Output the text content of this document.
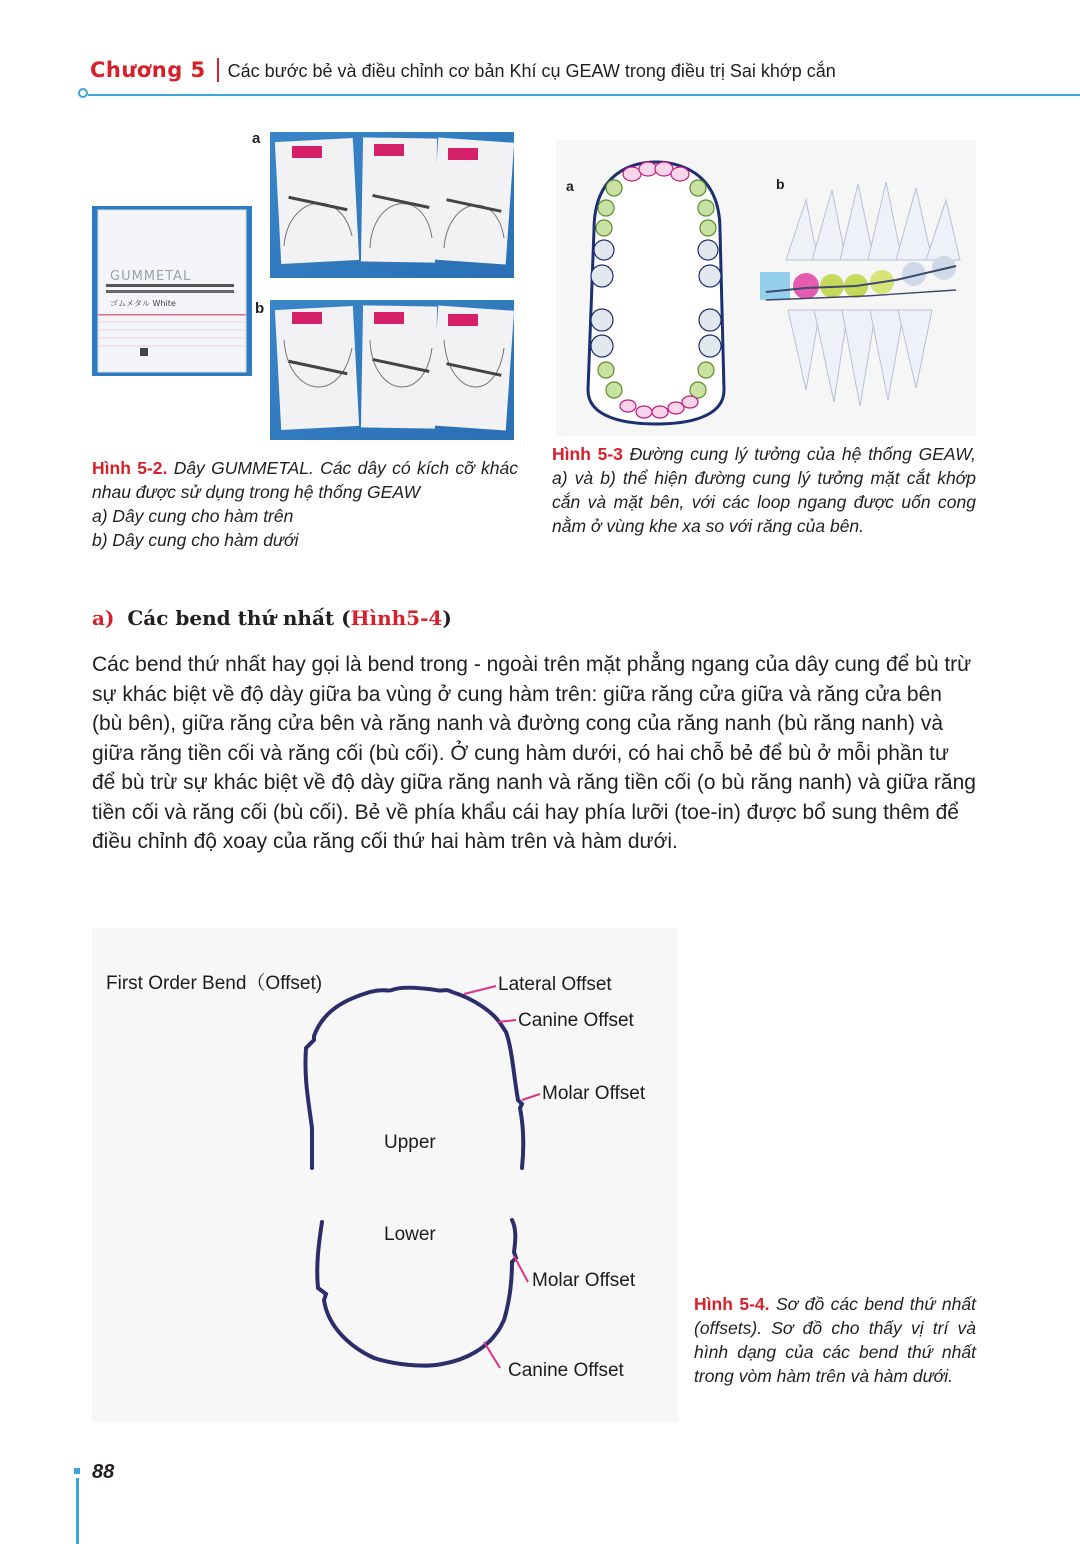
Chương 5 Các bước bẻ và điều chỉnh cơ bản Khí cụ GEAW trong điều trị Sai khớp cắn
GUMMETAL
ゴムメタル White
a
b
Hình 5-2. Dây GUMMETAL. Các dây có kích cỡ khác nhau được sử dụng trong hệ thống GEAW
a) Dây cung cho hàm trên
b) Dây cung cho hàm dưới
a	b
Hình 5-3 Đường cung lý tưởng của hệ thống GEAW, a) và b) thể hiện đường cung lý tưởng mặt cắt khớp cắn và mặt bên, với các loop ngang được uốn cong nằm ở vùng khe xa so với răng của bên.
a) Các bend thứ nhất (Hình5-4)
Các bend thứ nhất hay gọi là bend trong - ngoài trên mặt phẳng ngang của dây cung để bù trừ sự khác biệt về độ dày giữa ba vùng ở cung hàm trên: giữa răng cửa giữa và răng cửa bên (bù bên), giữa răng cửa bên và răng nanh và đường cong của răng nanh (bù răng nanh) và giữa răng tiền cối và răng cối (bù cối). Ở cung hàm dưới, có hai chỗ bẻ để bù ở mỗi phần tư để bù trừ sự khác biệt về độ dày giữa răng nanh và răng tiền cối (o bù răng nanh) và giữa răng tiền cối và răng cối (bù cối). Bẻ về phía khẩu cái hay phía lưỡi (toe-in) được bổ sung thêm để điều chỉnh độ xoay của răng cối thứ hai hàm trên và hàm dưới.
First Order Bend（Offset)	Lateral Offset
Canine Offset
Molar Offset
Upper
Lower
Molar Offset
Canine Offset
Hình 5-4. Sơ đồ các bend thứ nhất (offsets). Sơ đồ cho thấy vị trí và hình dạng của các bend thứ nhất trong vòm hàm trên và hàm dưới.
88
